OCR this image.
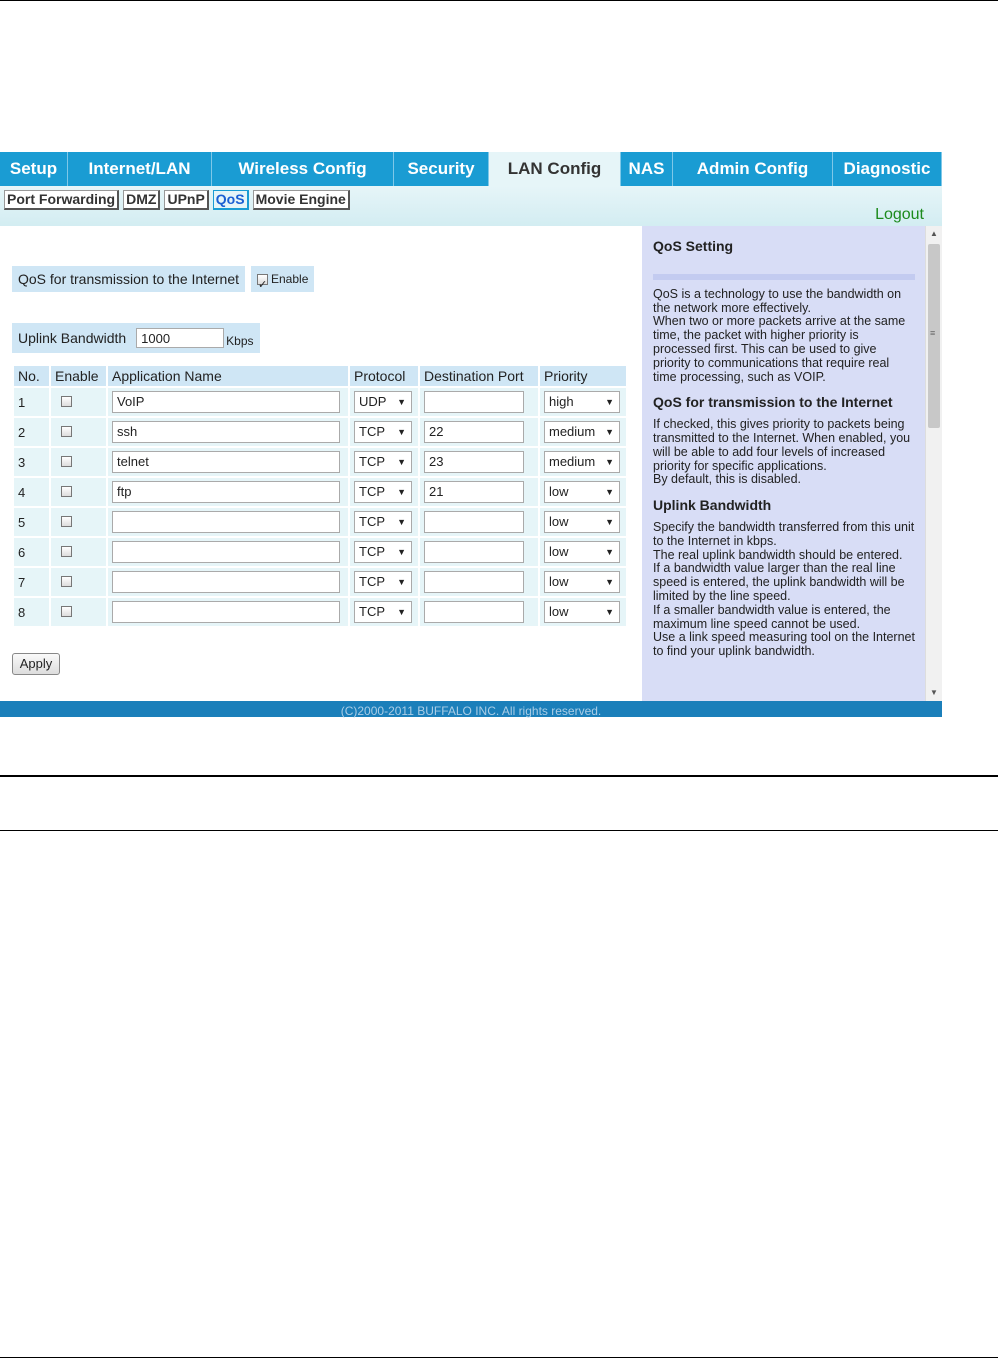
Setup	Internet/LAN	Wireless Config	Security	LAN Config	NAS	Admin Config	Diagnostic
Port Forwarding DMZ UPnP QoS Movie Engine
Logout
QoS for transmission to the Internet ✓	Enable
Uplink Bandwidth	1000	Kbps
No.	Enable	Application Name	Protocol	Destination Port	Priority
1		VoIP	UDP ▼		high ▼

2		ssh	TCP ▼	22	medium ▼

3		telnet	TCP ▼	23	medium ▼

4		ftp	TCP ▼	21	low ▼

5			TCP ▼		low ▼

6			TCP ▼		low ▼

7			TCP ▼		low ▼

8			TCP ▼		low ▼
Apply
QoS Setting

QoS is a technology to use the bandwidth on the network more effectively.

When two or more packets arrive at the same time, the packet with higher priority is processed first. This can be used to give priority to communications that require real time processing, such as VOIP.

QoS for transmission to the Internet

If checked, this gives priority to packets being transmitted to the Internet. When enabled, you will be able to add four levels of increased priority for specific applications.

By default, this is disabled.

Uplink Bandwidth

Specify the bandwidth transferred from this unit to the Internet in kbps.

The real uplink bandwidth should be entered.

If a bandwidth value larger than the real line speed is entered, the uplink bandwidth will be limited by the line speed.

If a smaller bandwidth value is entered, the maximum line speed cannot be used.

Use a link speed measuring tool on the Internet to find your uplink bandwidth.

▲
≡
▼
(C)2000-2011 BUFFALO INC. All rights reserved.
